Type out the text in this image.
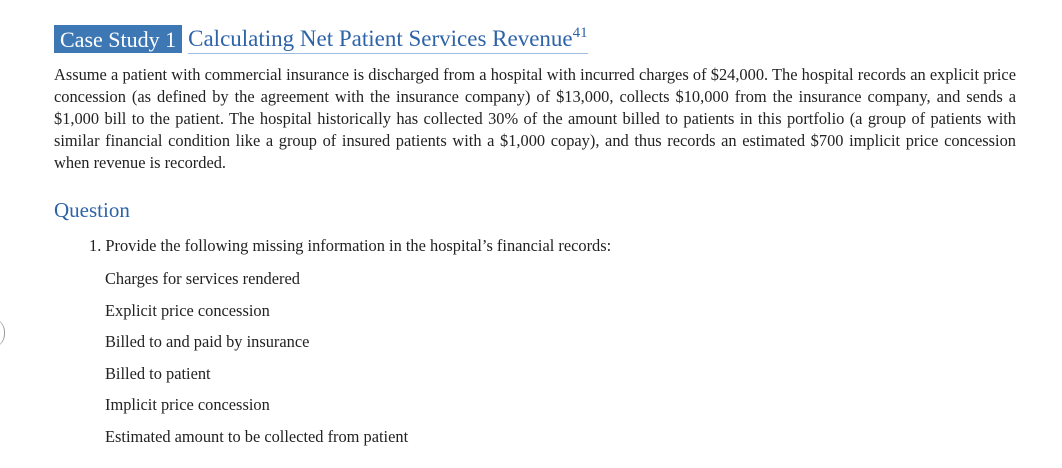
Case Study 1 Calculating Net Patient Services Revenue$^{41}$

Assume a patient with commercial insurance is discharged from a hospital with incurred charges of $24,000. The hospital records an explicit price concession (as defined by the agreement with the insurance company) of $13,000, collects $10,000 from the insurance company, and sends a $1,000 bill to the patient. The hospital historically has collected 30% of the amount billed to patients in this portfolio (a group of patients with similar financial condition like a group of insured patients with a $1,000 copay), and thus records an estimated $700 implicit price concession when revenue is recorded.

Question
1. Provide the following missing information in the hospital’s financial records:
Charges for services rendered
Explicit price concession
Billed to and paid by insurance
Billed to patient
Implicit price concession
Estimated amount to be collected from patient
